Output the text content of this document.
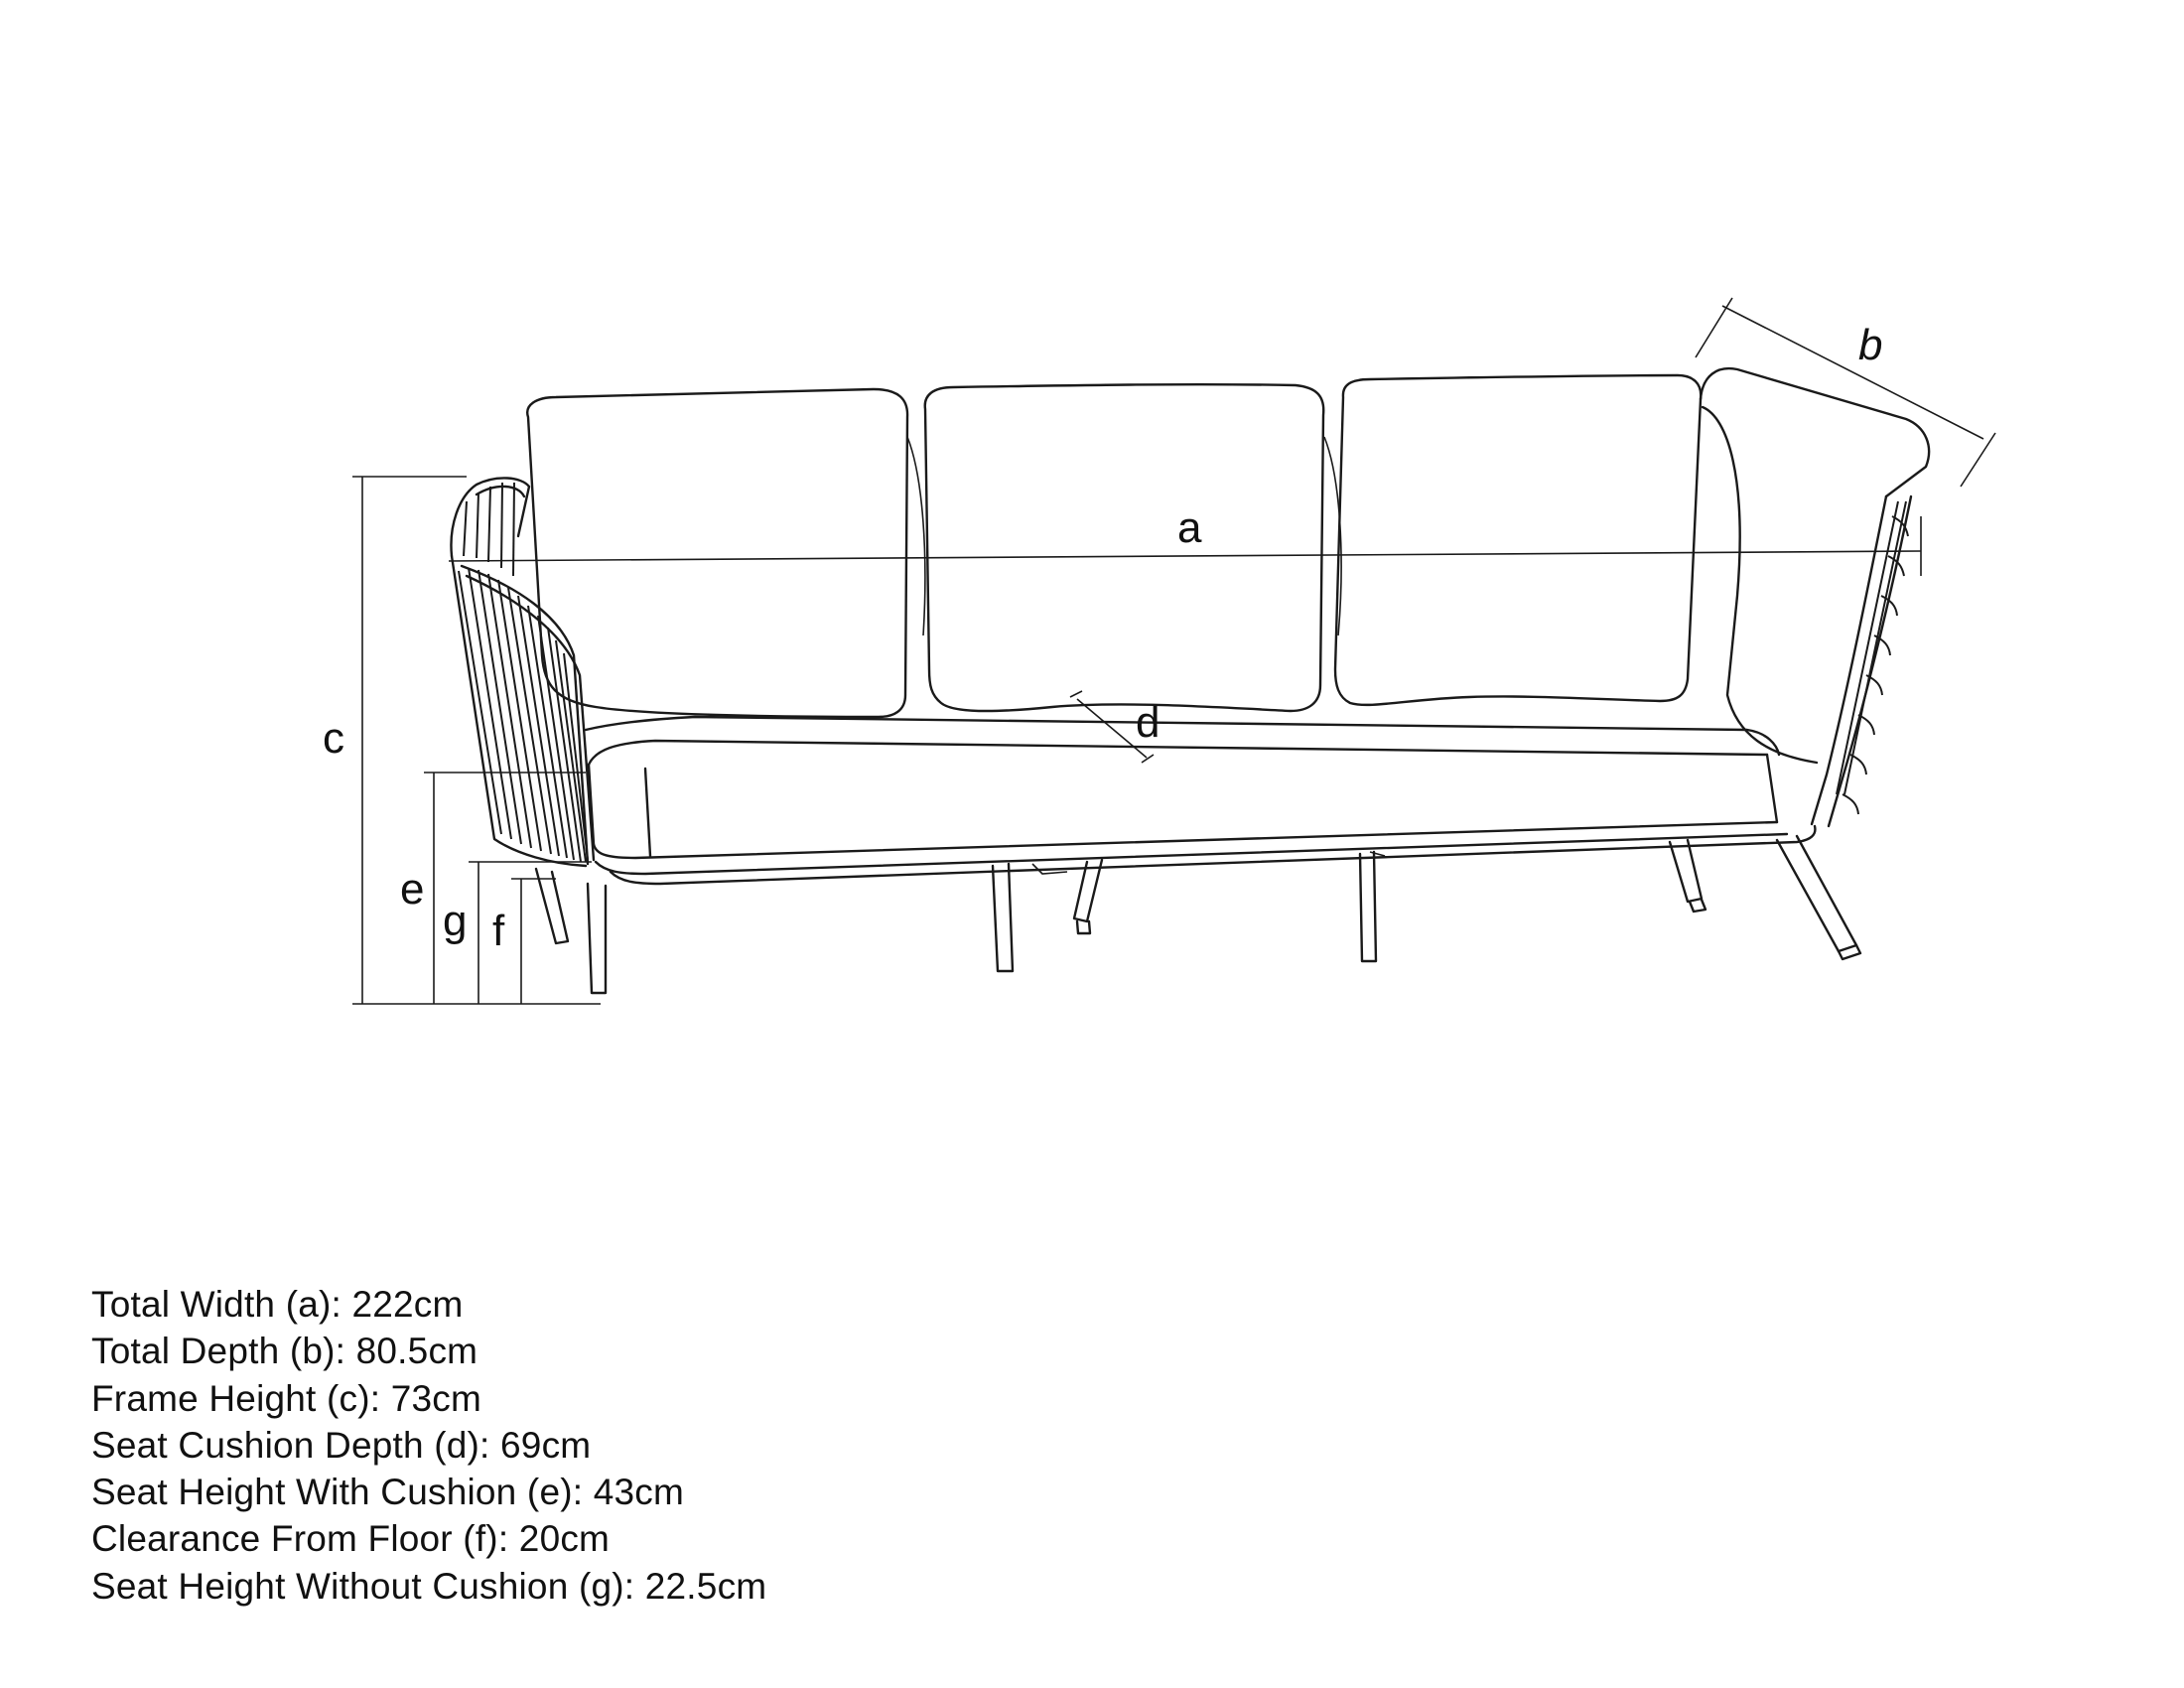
a
b
c	d
e
g f
Total Width (a): 222cm
Total Depth (b): 80.5cm
Frame Height (c): 73cm
Seat Cushion Depth (d): 69cm
Seat Height With Cushion (e): 43cm
Clearance From Floor (f): 20cm
Seat Height Without Cushion (g): 22.5cm
